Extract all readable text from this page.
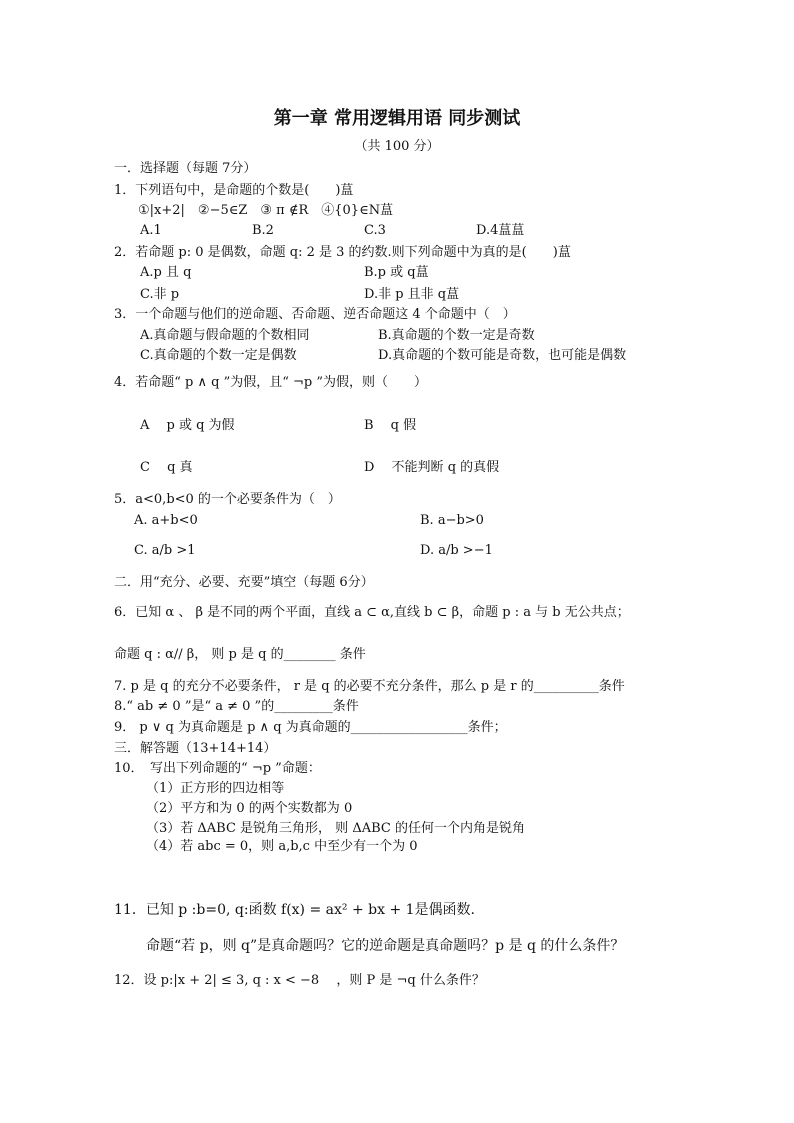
第一章 常用逻辑用语 同步测试
（共 100 分）
一．选择题（每题 7分）
1．下列语句中，是命题的个数是(　　)蒀
①|x+2|　②−5∈Z　③ π ∉R　④{0}∈N蒀
A.1	B.2	C.3	D.4蒀蒀
2．若命题 p: 0 是偶数，命题 q: 2 是 3 的约数.则下列命题中为真的是(　　)蒀
A.p 且 q	B.p 或 q蒀
C.非 p	D.非 p 且非 q蒀
3．一个命题与他们的逆命题、否命题、逆否命题这 4 个命题中（　）
A.真命题与假命题的个数相同	B.真命题的个数一定是奇数
C.真命题的个数一定是偶数	D.真命题的个数可能是奇数，也可能是偶数
4．若命题“ p ∧ q ”为假，且“ ¬p ”为假，则（　　）
A　 p 或 q 为假	B　 q 假
C　 q 真	D　 不能判断 q 的真假
5．a<0,b<0 的一个必要条件为（　）
A. a+b<0	B. a−b>0
C. a/b >1	D. a/b >−1
二．用“充分、必要、充要”填空（每题 6分）
6．已知 α 、 β 是不同的两个平面，直线 a ⊂ α,直线 b ⊂ β，命题 p : a 与 b 无公共点；
命题 q : α// β， 则 p 是 q 的________ 条件
7. p 是 q 的充分不必要条件， r 是 q 的必要不充分条件，那么 p 是 r 的__________条件
8.“ ab ≠ 0 ”是“ a ≠ 0 ”的_________条件
9． p ∨ q 为真命题是 p ∧ q 为真命题的__________________条件；
三．解答题（13+14+14）
10．　写出下列命题的“ ¬p ”命题：
（1）正方形的四边相等
（2）平方和为 0 的两个实数都为 0
（3）若 ΔABC 是锐角三角形， 则 ΔABC 的任何一个内角是锐角
（4）若 abc = 0，则 a,b,c 中至少有一个为 0
11．已知 p :b=0, q:函数 f(x) = ax² + bx + 1是偶函数.
命题“若 p，则 q”是真命题吗？它的逆命题是真命题吗？p 是 q 的什么条件？
12．设 p:|x + 2| ≤ 3, q : x < −8　 ，则 P 是 ¬q 什么条件？
